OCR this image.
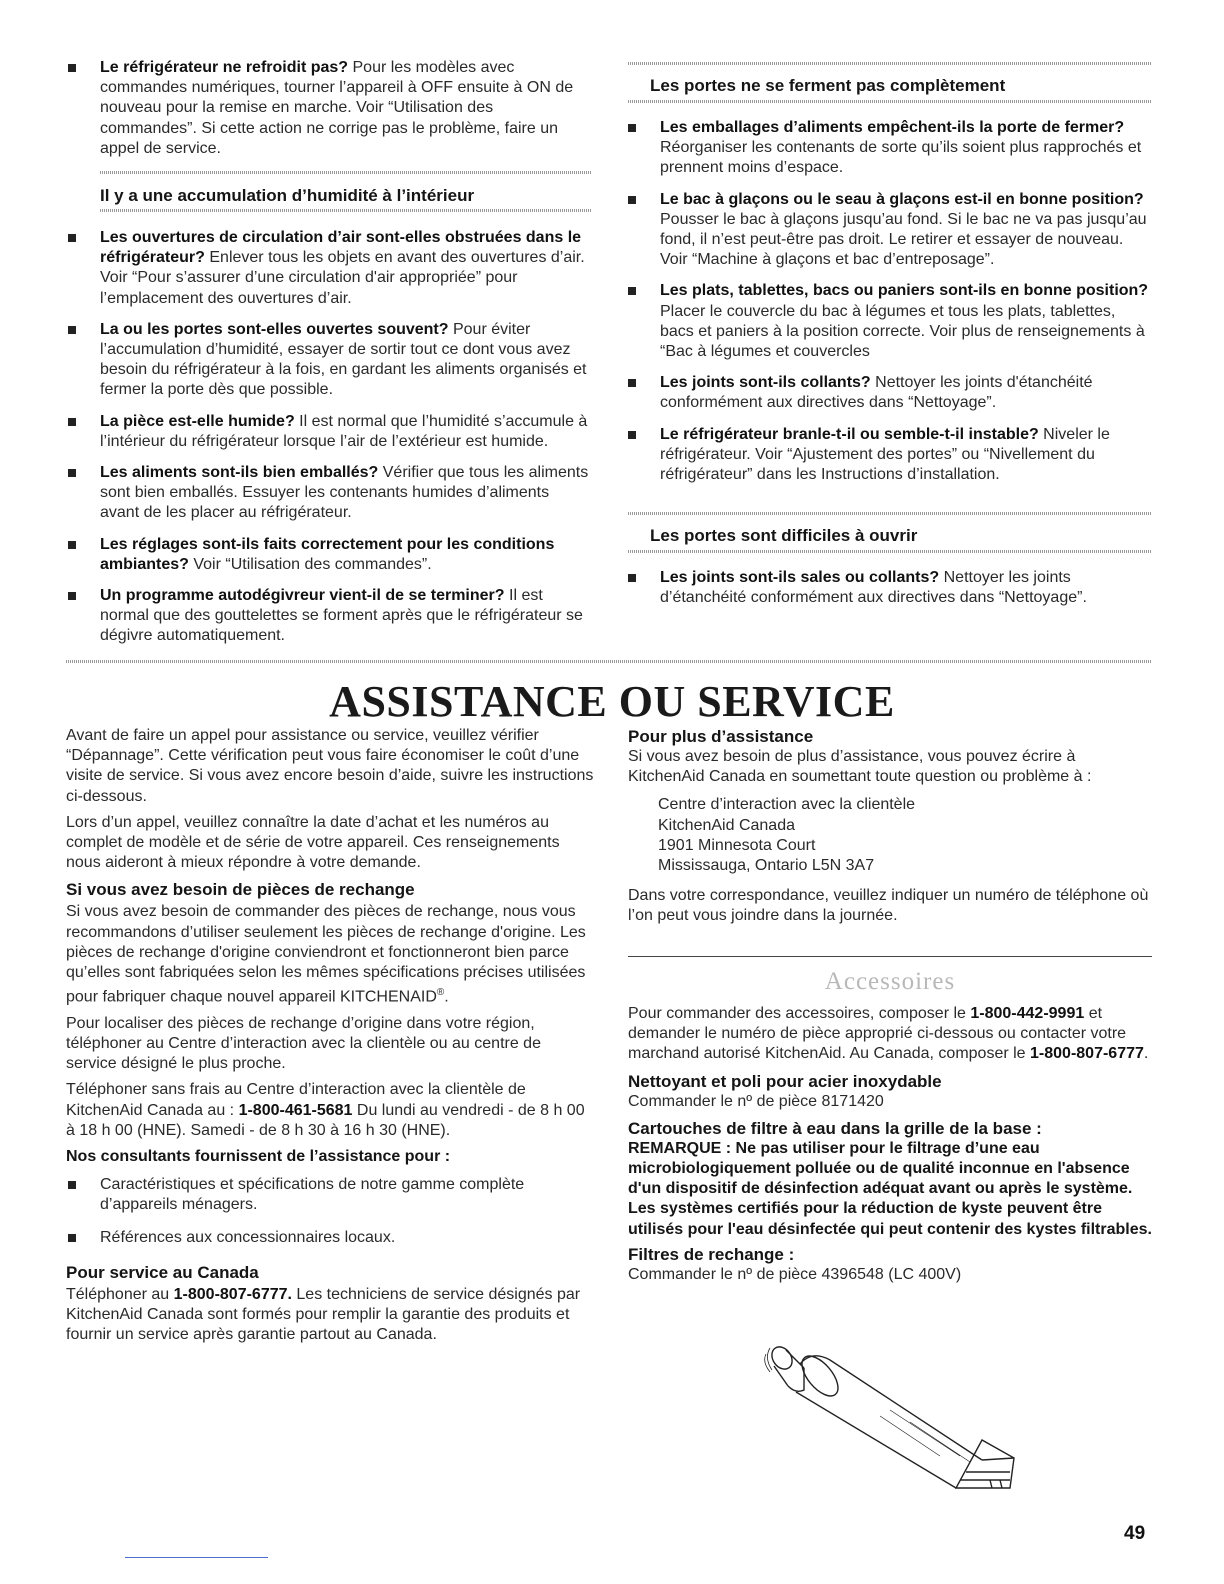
Le réfrigérateur ne refroidit pas? Pour les modèles avec commandes numériques, tourner l’appareil à OFF ensuite à ON de nouveau pour la remise en marche. Voir “Utilisation des commandes”. Si cette action ne corrige pas le problème, faire un appel de service.

Il y a une accumulation d’humidité à l’intérieur

Les ouvertures de circulation d’air sont-elles obstruées dans le réfrigérateur? Enlever tous les objets en avant des ouvertures d’air. Voir “Pour s’assurer d’une circulation d'air appropriée” pour l’emplacement des ouvertures d’air.
La ou les portes sont-elles ouvertes souvent? Pour éviter l’accumulation d’humidité, essayer de sortir tout ce dont vous avez besoin du réfrigérateur à la fois, en gardant les aliments organisés et fermer la porte dès que possible.
La pièce est-elle humide? Il est normal que l’humidité s’accumule à l’intérieur du réfrigérateur lorsque l’air de l’extérieur est humide.
Les aliments sont-ils bien emballés? Vérifier que tous les aliments sont bien emballés. Essuyer les contenants humides d’aliments avant de les placer au réfrigérateur.
Les réglages sont-ils faits correctement pour les conditions ambiantes? Voir “Utilisation des commandes”.
Un programme autodégivreur vient-il de se terminer? Il est normal que des gouttelettes se forment après que le réfrigérateur se dégivre automatiquement.

Les portes ne se ferment pas complètement

Les emballages d’aliments empêchent-ils la porte de fermer? Réorganiser les contenants de sorte qu’ils soient plus rapprochés et prennent moins d’espace.
Le bac à glaçons ou le seau à glaçons est-il en bonne position? Pousser le bac à glaçons jusqu’au fond. Si le bac ne va pas jusqu’au fond, il n’est peut-être pas droit. Le retirer et essayer de nouveau. Voir “Machine à glaçons et bac d’entreposage”.
Les plats, tablettes, bacs ou paniers sont-ils en bonne position? Placer le couvercle du bac à légumes et tous les plats, tablettes, bacs et paniers à la position correcte. Voir plus de renseignements à “Bac à légumes et couvercles
Les joints sont-ils collants? Nettoyer les joints d'étanchéité conformément aux directives dans “Nettoyage”.
Le réfrigérateur branle-t-il ou semble-t-il instable? Niveler le réfrigérateur. Voir “Ajustement des portes” ou “Nivellement du réfrigérateur” dans les Instructions d’installation.

Les portes sont difficiles à ouvrir

Les joints sont-ils sales ou collants? Nettoyer les joints d’étanchéité conformément aux directives dans “Nettoyage”.
ASSISTANCE OU SERVICE

Avant de faire un appel pour assistance ou service, veuillez vérifier “Dépannage”. Cette vérification peut vous faire économiser le coût d’une visite de service. Si vous avez encore besoin d’aide, suivre les instructions ci-dessous.

Lors d’un appel, veuillez connaître la date d’achat et les numéros au complet de modèle et de série de votre appareil. Ces renseignements nous aideront à mieux répondre à votre demande.

Si vous avez besoin de pièces de rechange

Si vous avez besoin de commander des pièces de rechange, nous vous recommandons d’utiliser seulement les pièces de rechange d'origine. Les pièces de rechange d'origine conviendront et fonctionneront bien parce qu’elles sont fabriquées selon les mêmes spécifications précises utilisées pour fabriquer chaque nouvel appareil KITCHENAID®.

Pour localiser des pièces de rechange d’origine dans votre région, téléphoner au Centre d’interaction avec la clientèle ou au centre de service désigné le plus proche.

Téléphoner sans frais au Centre d’interaction avec la clientèle de KitchenAid Canada au : 1-800-461-5681 Du lundi au vendredi - de 8 h 00 à 18 h 00 (HNE). Samedi - de 8 h 30 à 16 h 30 (HNE).

Nos consultants fournissent de l’assistance pour :

Caractéristiques et spécifications de notre gamme complète d’appareils ménagers.
Références aux concessionnaires locaux.

Pour service au Canada

Téléphoner au 1-800-807-6777. Les techniciens de service désignés par KitchenAid Canada sont formés pour remplir la garantie des produits et fournir un service après garantie partout au Canada.

Pour plus d’assistance

Si vous avez besoin de plus d’assistance, vous pouvez écrire à KitchenAid Canada en soumettant toute question ou problème à :

Centre d’interaction avec la clientèle
KitchenAid Canada
1901 Minnesota Court
Mississauga, Ontario L5N 3A7

Dans votre correspondance, veuillez indiquer un numéro de téléphone où l’on peut vous joindre dans la journée.

Accessoires

Pour commander des accessoires, composer le 1-800-442-9991 et demander le numéro de pièce approprié ci-dessous ou contacter votre marchand autorisé KitchenAid. Au Canada, composer le 1-800-807-6777.

Nettoyant et poli pour acier inoxydable

Commander le nº de pièce 8171420

Cartouches de filtre à eau dans la grille de la base :

REMARQUE : Ne pas utiliser pour le filtrage d’une eau microbiologiquement polluée ou de qualité inconnue en l'absence d'un dispositif de désinfection adéquat avant ou après le système. Les systèmes certifiés pour la réduction de kyste peuvent être utilisés pour l'eau désinfectée qui peut contenir des kystes filtrables.

Filtres de rechange :

Commander le nº de pièce 4396548 (LC 400V)

49
